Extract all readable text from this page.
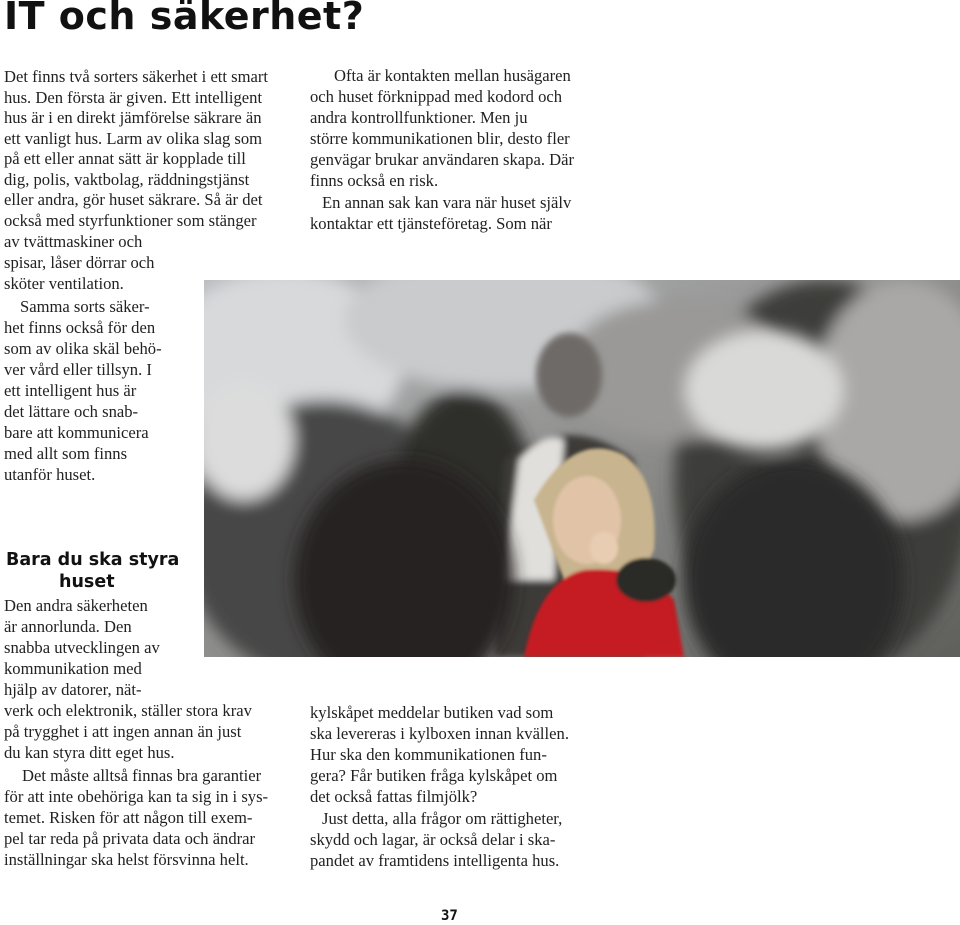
IT och säkerhet?
Det finns två sorters säkerhet i ett smart
hus. Den första är given. Ett intelligent
hus är i en direkt jämförelse säkrare än
ett vanligt hus. Larm av olika slag som
på ett eller annat sätt är kopplade till
dig, polis, vaktbolag, räddningstjänst
eller andra, gör huset säkrare. Så är det
också med styrfunktioner som stänger
av tvättmaskiner och
spisar, låser dörrar och
sköter ventilation.
Samma sorts säker-
het finns också för den
som av olika skäl behö-
ver vård eller tillsyn. I
ett intelligent hus är
det lättare och snab-
bare att kommunicera
med allt som finns
utanför huset.
Bara du ska styra
huset
Den andra säkerheten
är annorlunda. Den
snabba utvecklingen av
kommunikation med
hjälp av datorer, nät-
verk och elektronik, ställer stora krav
på trygghet i att ingen annan än just
du kan styra ditt eget hus.
Det måste alltså finnas bra garantier
för att inte obehöriga kan ta sig in i sys-
temet. Risken för att någon till exem-
pel tar reda på privata data och ändrar
inställningar ska helst försvinna helt.
Ofta är kontakten mellan husägaren
och huset förknippad med kodord och
andra kontrollfunktioner. Men ju
större kommunikationen blir, desto fler
genvägar brukar användaren skapa. Där
finns också en risk.
En annan sak kan vara när huset själv
kontaktar ett tjänsteföretag. Som när
kylskåpet meddelar butiken vad som
ska levereras i kylboxen innan kvällen.
Hur ska den kommunikationen fun-
gera? Får butiken fråga kylskåpet om
det också fattas filmjölk?
Just detta, alla frågor om rättigheter,
skydd och lagar, är också delar i ska-
pandet av framtidens intelligenta hus.
37
